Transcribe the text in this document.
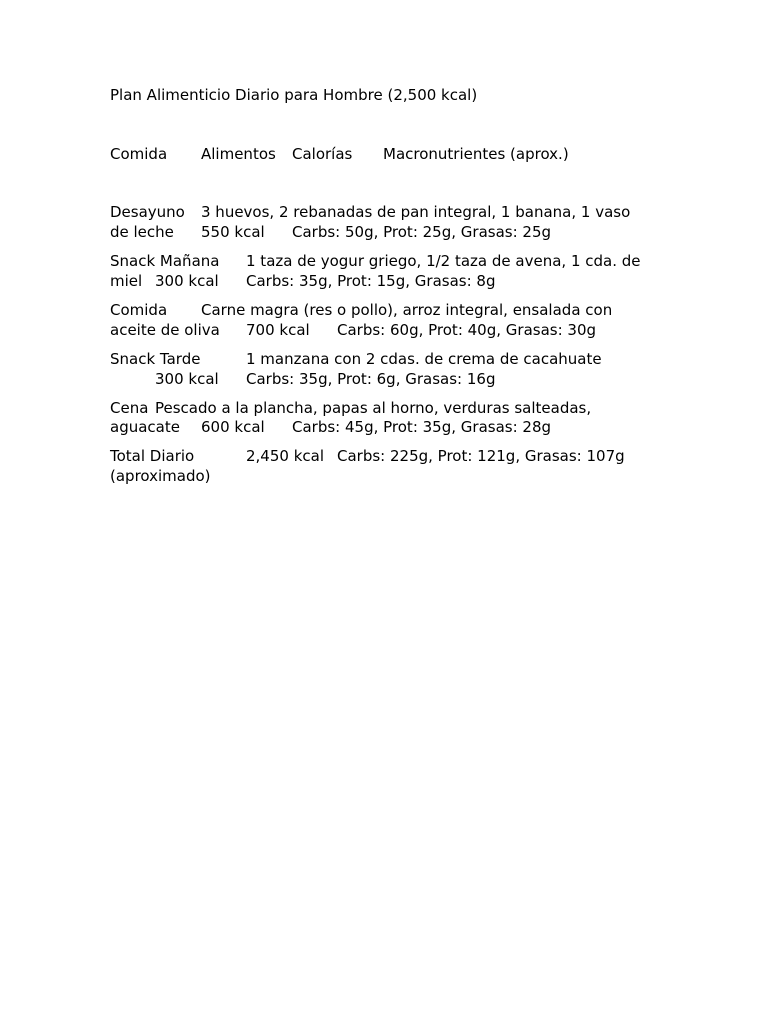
Plan Alimenticio Diario para Hombre (2,500 kcal)
Comida Alimentos Calorías Macronutrientes (aprox.)
Desayuno 3 huevos, 2 rebanadas de pan integral, 1 banana, 1 vaso
de leche 550 kcal Carbs: 50g, Prot: 25g, Grasas: 25g
Snack Mañana 1 taza de yogur griego, 1/2 taza de avena, 1 cda. de
miel 300 kcal Carbs: 35g, Prot: 15g, Grasas: 8g
Comida Carne magra (res o pollo), arroz integral, ensalada con
aceite de oliva 700 kcal Carbs: 60g, Prot: 40g, Grasas: 30g
Snack Tarde	1 manzana con 2 cdas. de crema de cacahuate
300 kcal Carbs: 35g, Prot: 6g, Grasas: 16g
Cena Pescado a la plancha, papas al horno, verduras salteadas,
aguacate 600 kcal Carbs: 45g, Prot: 35g, Grasas: 28g
Total Diario	2,450 kcal Carbs: 225g, Prot: 121g, Grasas: 107g
(aproximado)
